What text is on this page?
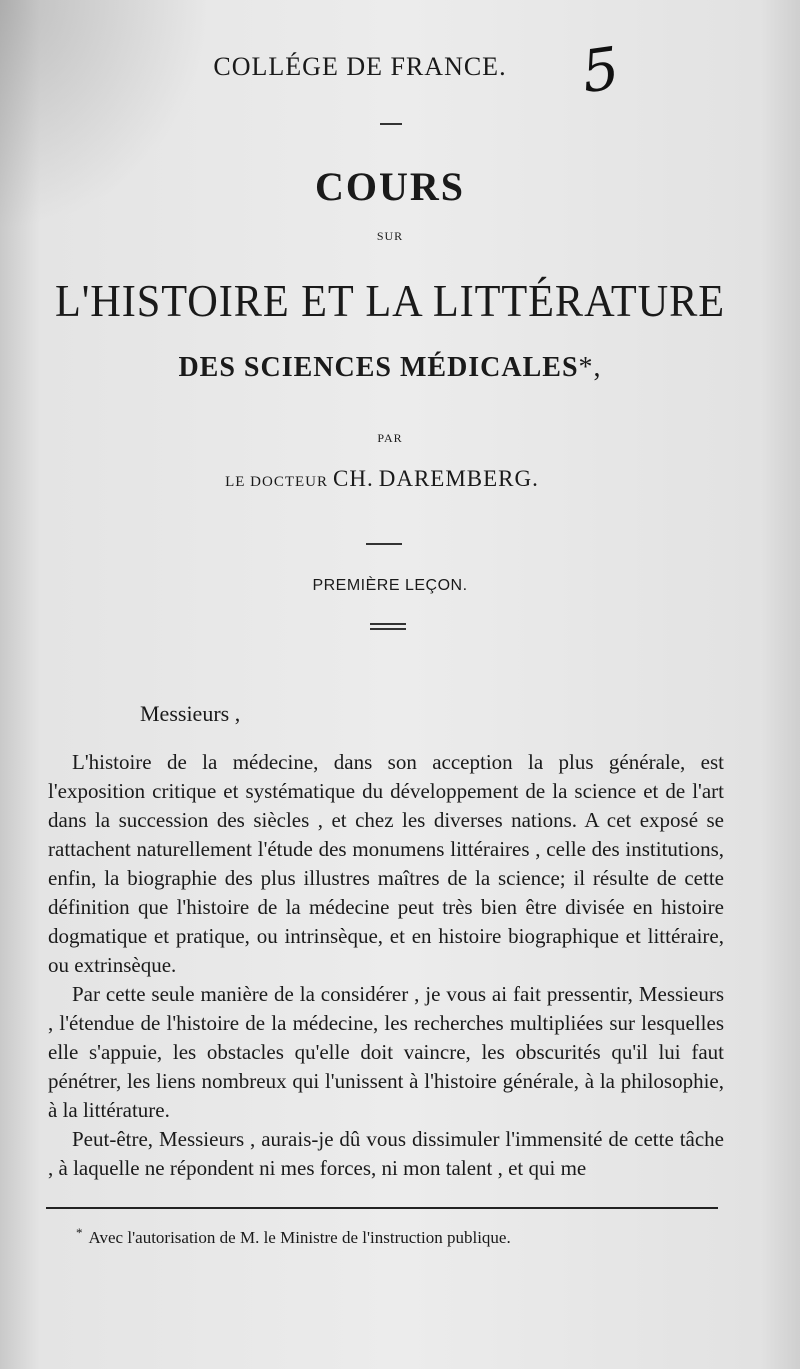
COLLÉGE DE FRANCE.	5
COURS
SUR
L'HISTOIRE ET LA LITTÉRATURE
DES SCIENCES MÉDICALES*,
PAR
LE DOCTEUR CH. DAREMBERG.
PREMIÈRE LEÇON.
Messieurs ,

L'histoire de la médecine, dans son acception la plus générale, est l'exposition critique et systématique du développement de la science et de l'art dans la succession des siècles , et chez les diverses nations. A cet exposé se rattachent naturellement l'étude des monumens littéraires , celle des institutions, enfin, la biographie des plus illustres maîtres de la science; il résulte de cette définition que l'histoire de la médecine peut très bien être divisée en histoire dogmatique et pratique, ou intrinsèque, et en histoire biographique et littéraire, ou extrinsèque.

Par cette seule manière de la considérer , je vous ai fait pressentir, Messieurs , l'étendue de l'histoire de la médecine, les recherches multipliées sur lesquelles elle s'appuie, les obstacles qu'elle doit vaincre, les obscurités qu'il lui faut pénétrer, les liens nombreux qui l'unissent à l'histoire générale, à la philosophie, à la littérature.

Peut-être, Messieurs , aurais-je dû vous dissimuler l'immensité de cette tâche , à laquelle ne répondent ni mes forces, ni mon talent , et qui me

* Avec l'autorisation de M. le Ministre de l'instruction publique.
